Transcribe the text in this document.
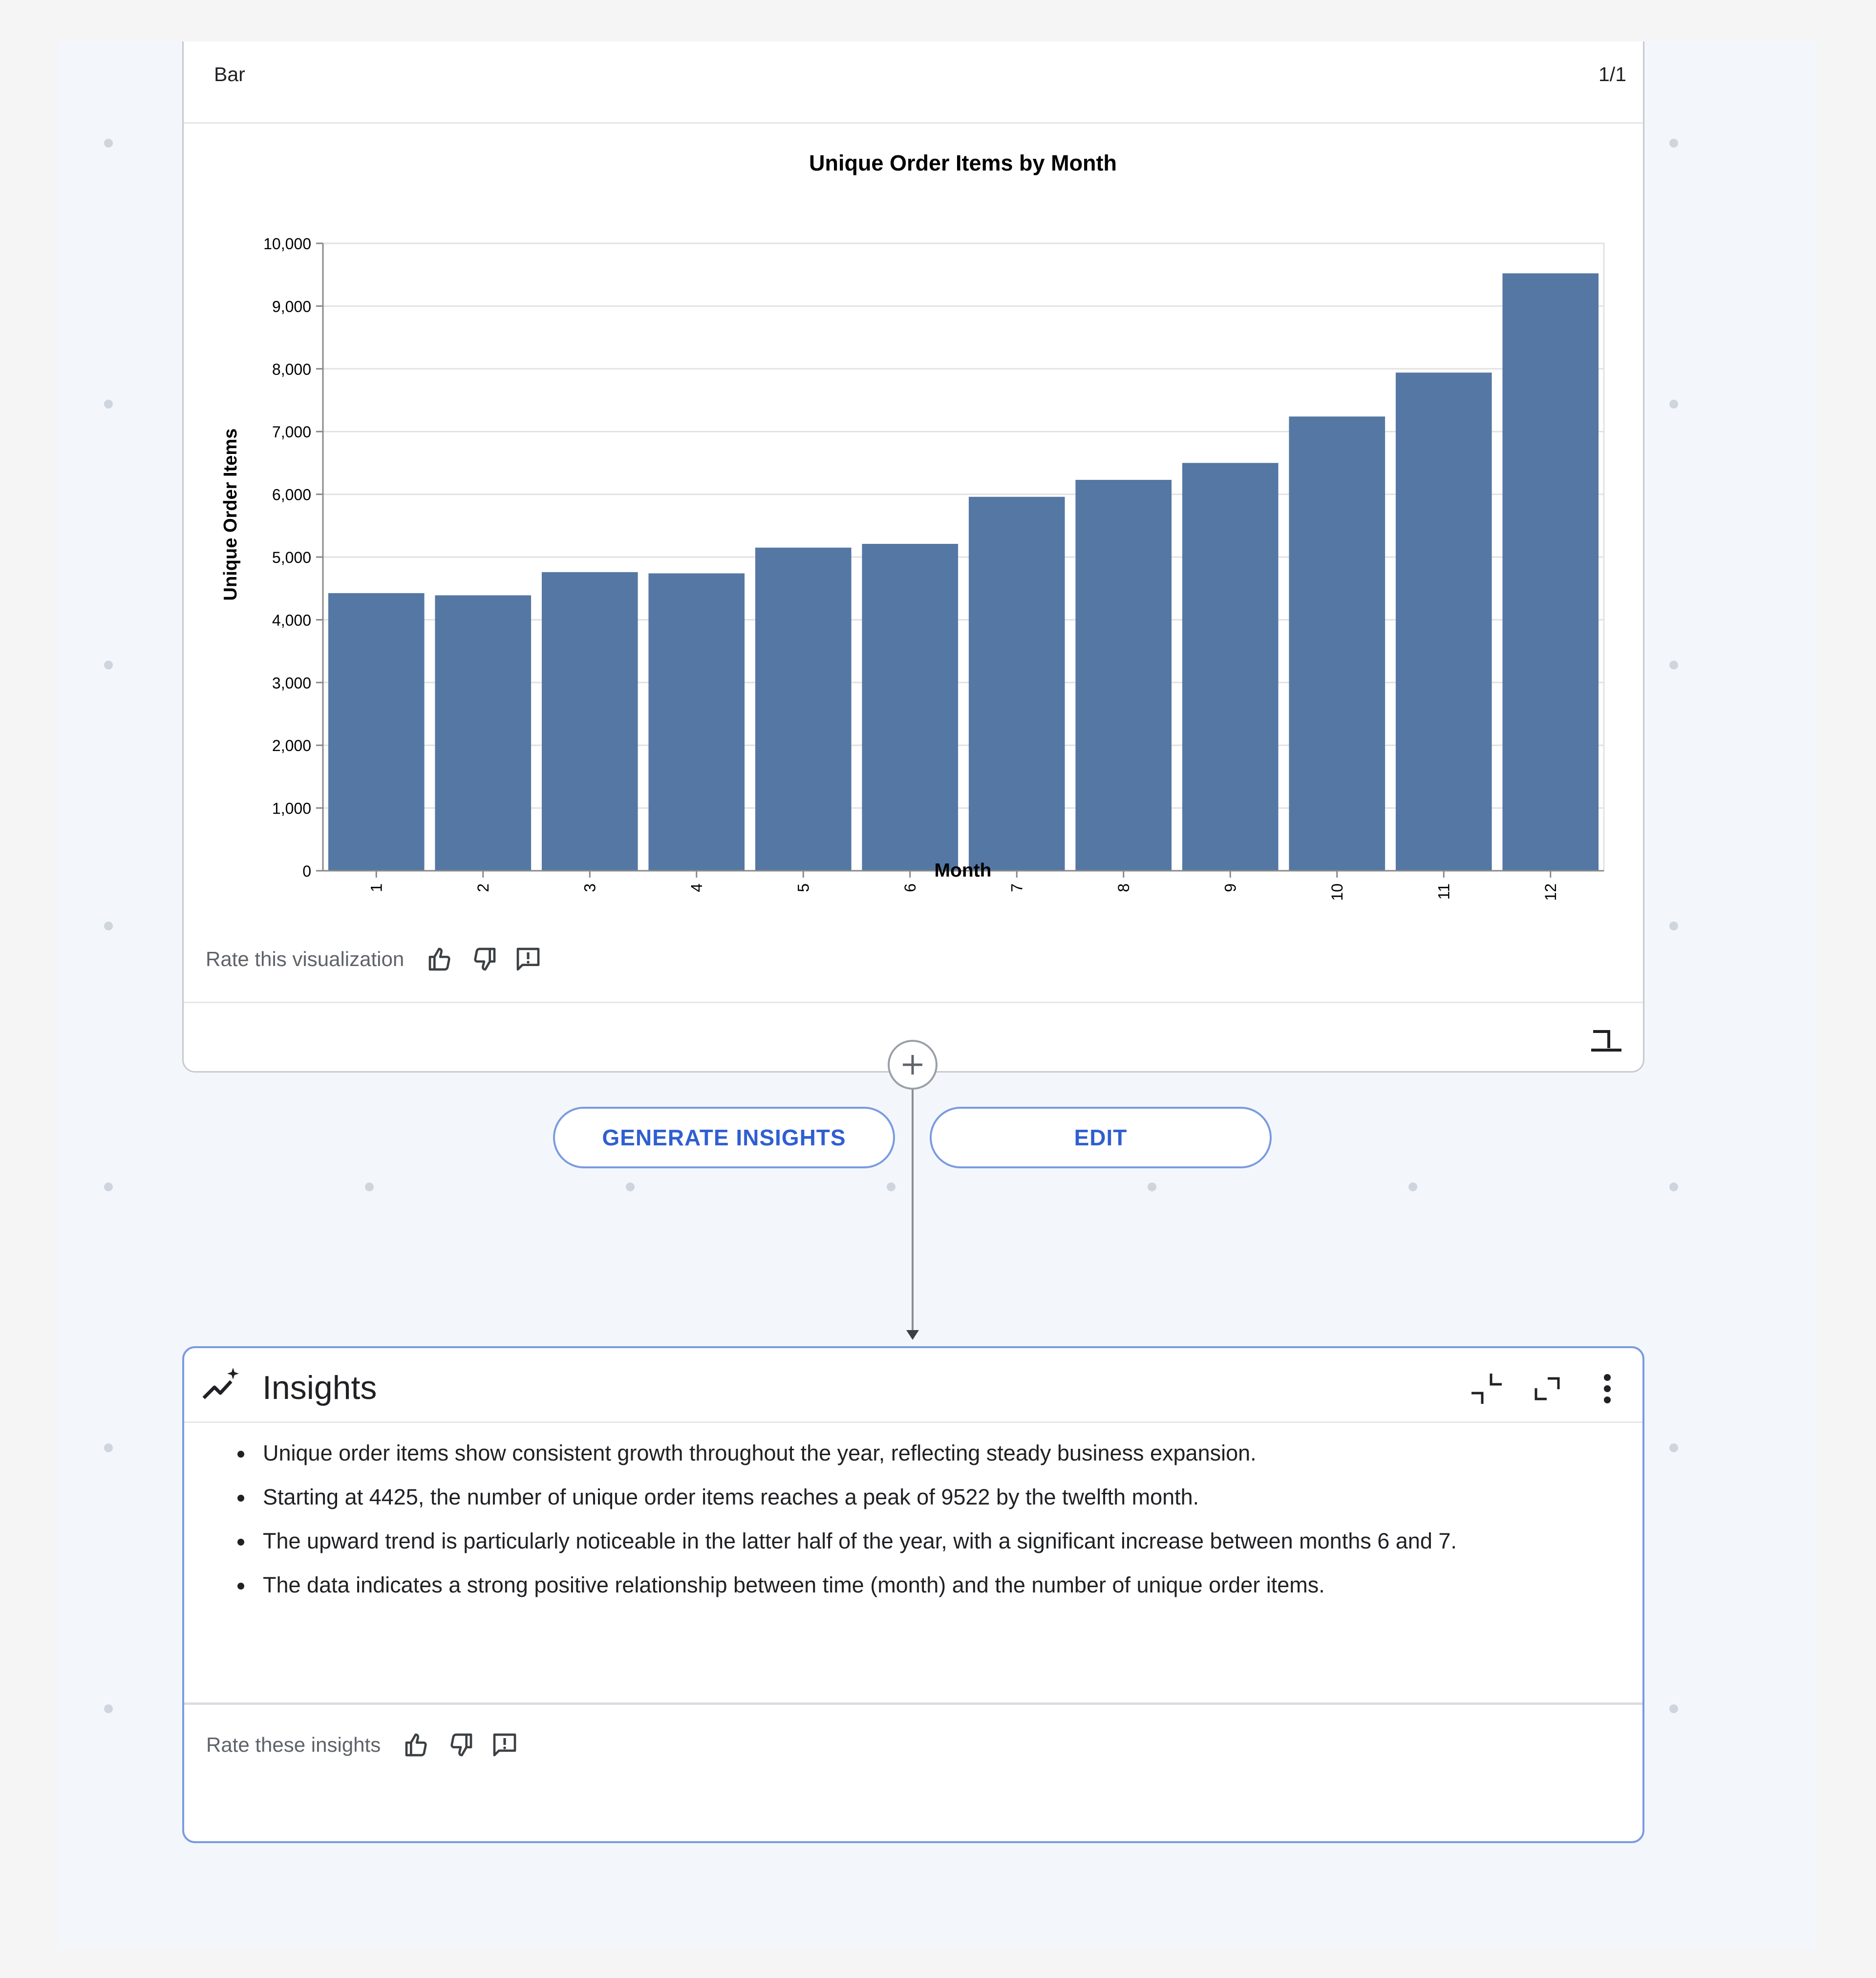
Bar	1/1
Unique Order Items by Month
0
1,000
2,000
3,000
4,000
5,000
6,000
7,000
8,000
9,000
10,000
1	2	3	4	5	6	7	8	9	10	11	12
Unique Order Items
Month
Rate this visualization
GENERATE INSIGHTS	EDIT
Insights
• Unique order items show consistent growth throughout the year, reflecting steady business expansion.
• Starting at 4425, the number of unique order items reaches a peak of 9522 by the twelfth month.
• The upward trend is particularly noticeable in the latter half of the year, with a significant increase between months 6 and 7.
• The data indicates a strong positive relationship between time (month) and the number of unique order items.
Rate these insights
